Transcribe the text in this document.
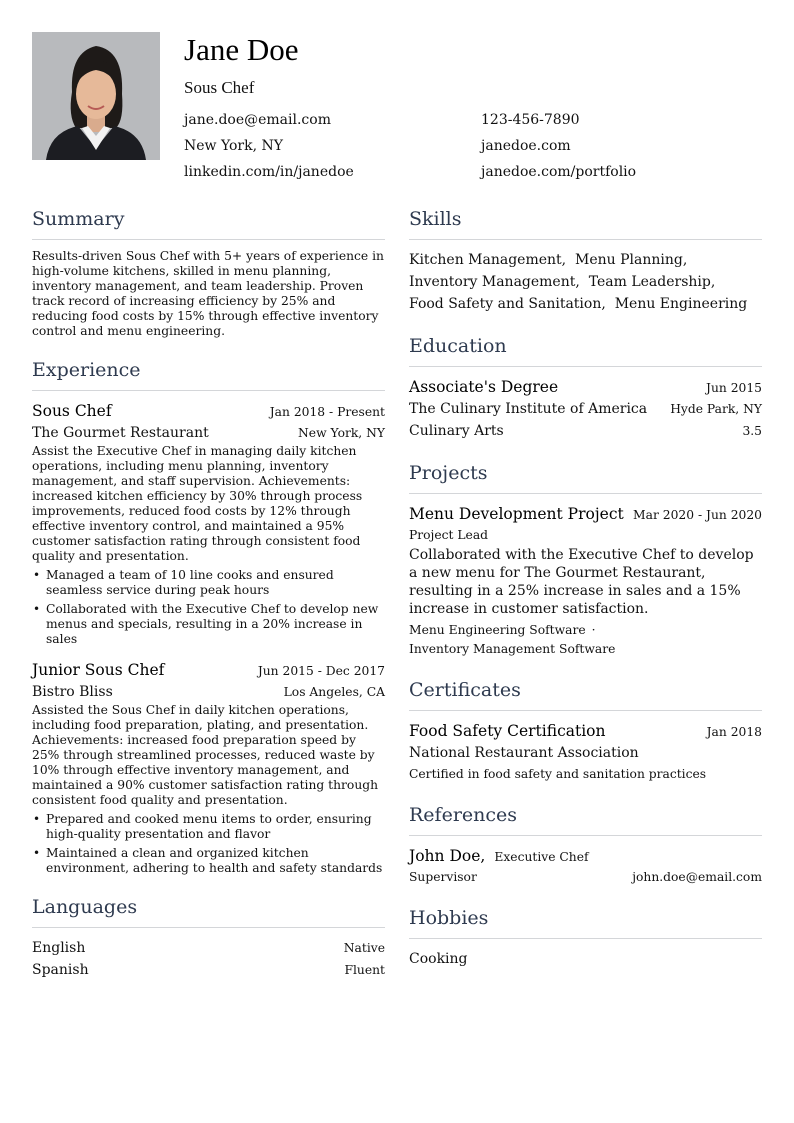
Jane Doe
Sous Chef
jane.doe@email.com	123-456-7890
New York, NY	janedoe.com
linkedin.com/in/janedoe	janedoe.com/portfolio
Summary
Results-driven Sous Chef with 5+ years of experience in high-volume kitchens, skilled in menu planning, inventory management, and team leadership. Proven track record of increasing efficiency by 25% and reducing food costs by 15% through effective inventory control and menu engineering.
Experience
Sous Chef	Jan 2018 - Present
The Gourmet Restaurant	New York, NY
Assist the Executive Chef in managing daily kitchen operations, including menu planning, inventory management, and staff supervision. Achievements: increased kitchen efficiency by 30% through process improvements, reduced food costs by 12% through effective inventory control, and maintained a 95% customer satisfaction rating through consistent food quality and presentation.
• Managed a team of 10 line cooks and ensured seamless service during peak hours
• Collaborated with the Executive Chef to develop new menus and specials, resulting in a 20% increase in sales
Junior Sous Chef	Jun 2015 - Dec 2017
Bistro Bliss	Los Angeles, CA
Assisted the Sous Chef in daily kitchen operations, including food preparation, plating, and presentation. Achievements: increased food preparation speed by 25% through streamlined processes, reduced waste by 10% through effective inventory management, and maintained a 90% customer satisfaction rating through consistent food quality and presentation.
• Prepared and cooked menu items to order, ensuring high-quality presentation and flavor
• Maintained a clean and organized kitchen environment, adhering to health and safety standards
Languages
English	Native
Spanish	Fluent
Skills
Kitchen Management, Menu Planning,
Inventory Management, Team Leadership,
Food Safety and Sanitation, Menu Engineering
Education
Associate's Degree	Jun 2015
The Culinary Institute of America Hyde Park, NY
Culinary Arts	3.5
Projects
Menu Development Project Mar 2020 - Jun 2020
Project Lead
Collaborated with the Executive Chef to develop a new menu for The Gourmet Restaurant, resulting in a 25% increase in sales and a 15% increase in customer satisfaction.
Menu Engineering Software ·
Inventory Management Software
Certificates
Food Safety Certification	Jan 2018
National Restaurant Association
Certified in food safety and sanitation practices
References
John Doe, Executive Chef
Supervisor	john.doe@email.com
Hobbies
Cooking
